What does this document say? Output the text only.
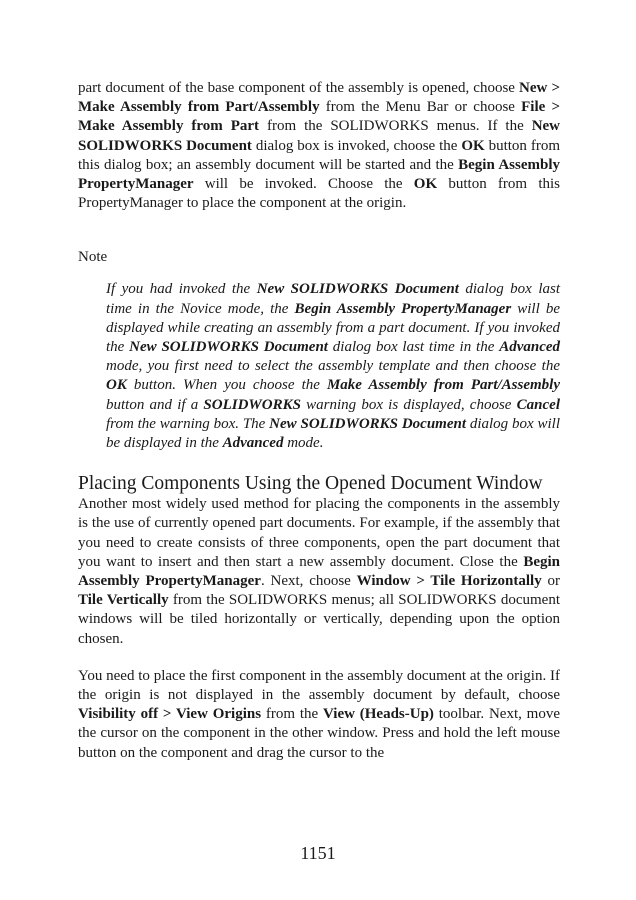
part document of the base component of the assembly is opened, choose New > Make Assembly from Part/Assembly from the Menu Bar or choose File > Make Assembly from Part from the SOLIDWORKS menus. If the New SOLIDWORKS Document dialog box is invoked, choose the OK button from this dialog box; an assembly document will be started and the Begin Assembly PropertyManager will be invoked. Choose the OK button from this PropertyManager to place the component at the origin.

Note

If you had invoked the New SOLIDWORKS Document dialog box last time in the Novice mode, the Begin Assembly PropertyManager will be displayed while creating an assembly from a part document. If you invoked the New SOLIDWORKS Document dialog box last time in the Advanced mode, you first need to select the assembly template and then choose the OK button. When you choose the Make Assembly from Part/Assembly button and if a SOLIDWORKS warning box is displayed, choose Cancel from the warning box. The New SOLIDWORKS Document dialog box will be displayed in the Advanced mode.

Placing Components Using the Opened Document Window

Another most widely used method for placing the components in the assembly is the use of currently opened part documents. For example, if the assembly that you need to create consists of three components, open the part document that you want to insert and then start a new assembly document. Close the Begin Assembly PropertyManager. Next, choose Window > Tile Horizontally or Tile Vertically from the SOLIDWORKS menus; all SOLIDWORKS document windows will be tiled horizontally or vertically, depending upon the option chosen.

You need to place the first component in the assembly document at the origin. If the origin is not displayed in the assembly document by default, choose Visibility off > View Origins from the View (Heads-Up) toolbar. Next, move the cursor on the component in the other window. Press and hold the left mouse button on the component and drag the cursor to the

1151
